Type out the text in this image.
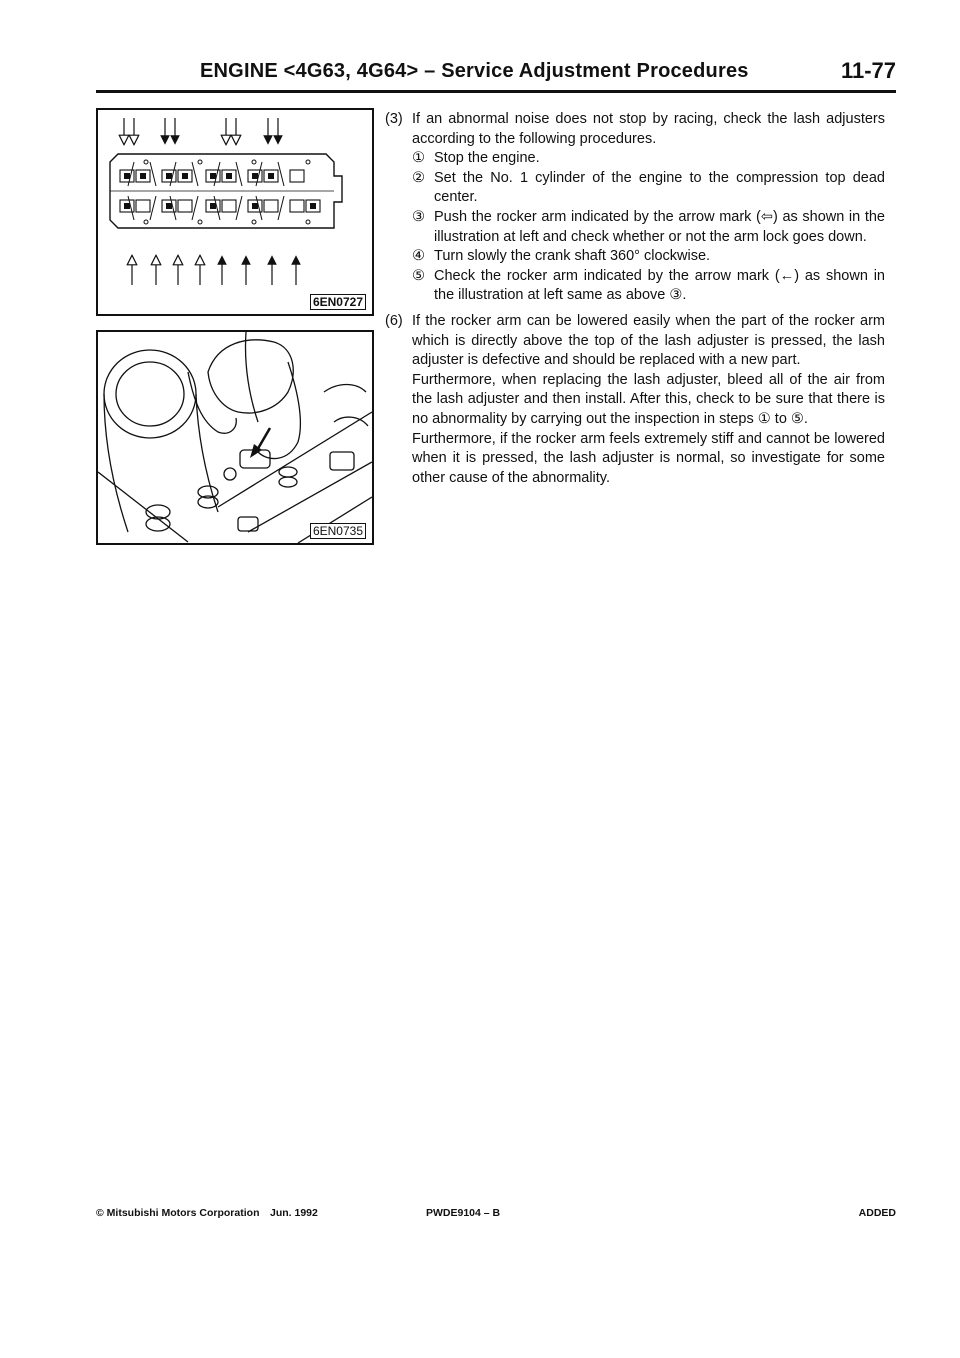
ENGINE <4G63, 4G64> – Service Adjustment Procedures	11-77
6EN0727
6EN0735
(3) If an abnormal noise does not stop by racing, check the lash adjusters according to the following procedures.

① Stop the engine.
② Set the No. 1 cylinder of the engine to the compression top dead center.
③ Push the rocker arm indicated by the arrow mark (⇦) as shown in the illustration at left and check whether or not the arm lock goes down.
④ Turn slowly the crank shaft 360° clockwise.
⑤ Check the rocker arm indicated by the arrow mark (←) as shown in the illustration at left same as above ③.
(6) If the rocker arm can be lowered easily when the part of the rocker arm which is directly above the top of the lash adjuster is pressed, the lash adjuster is defective and should be replaced with a new part.

Furthermore, when replacing the lash adjuster, bleed all of the air from the lash adjuster and then install. After this, check to be sure that there is no abnormality by carrying out the inspection in steps ① to ⑤.

Furthermore, if the rocker arm feels extremely stiff and cannot be lowered when it is pressed, the lash adjuster is normal, so investigate for some other cause of the abnormality.

© Mitsubishi Motors Corporation Jun. 1992	PWDE9104 – B	ADDED
